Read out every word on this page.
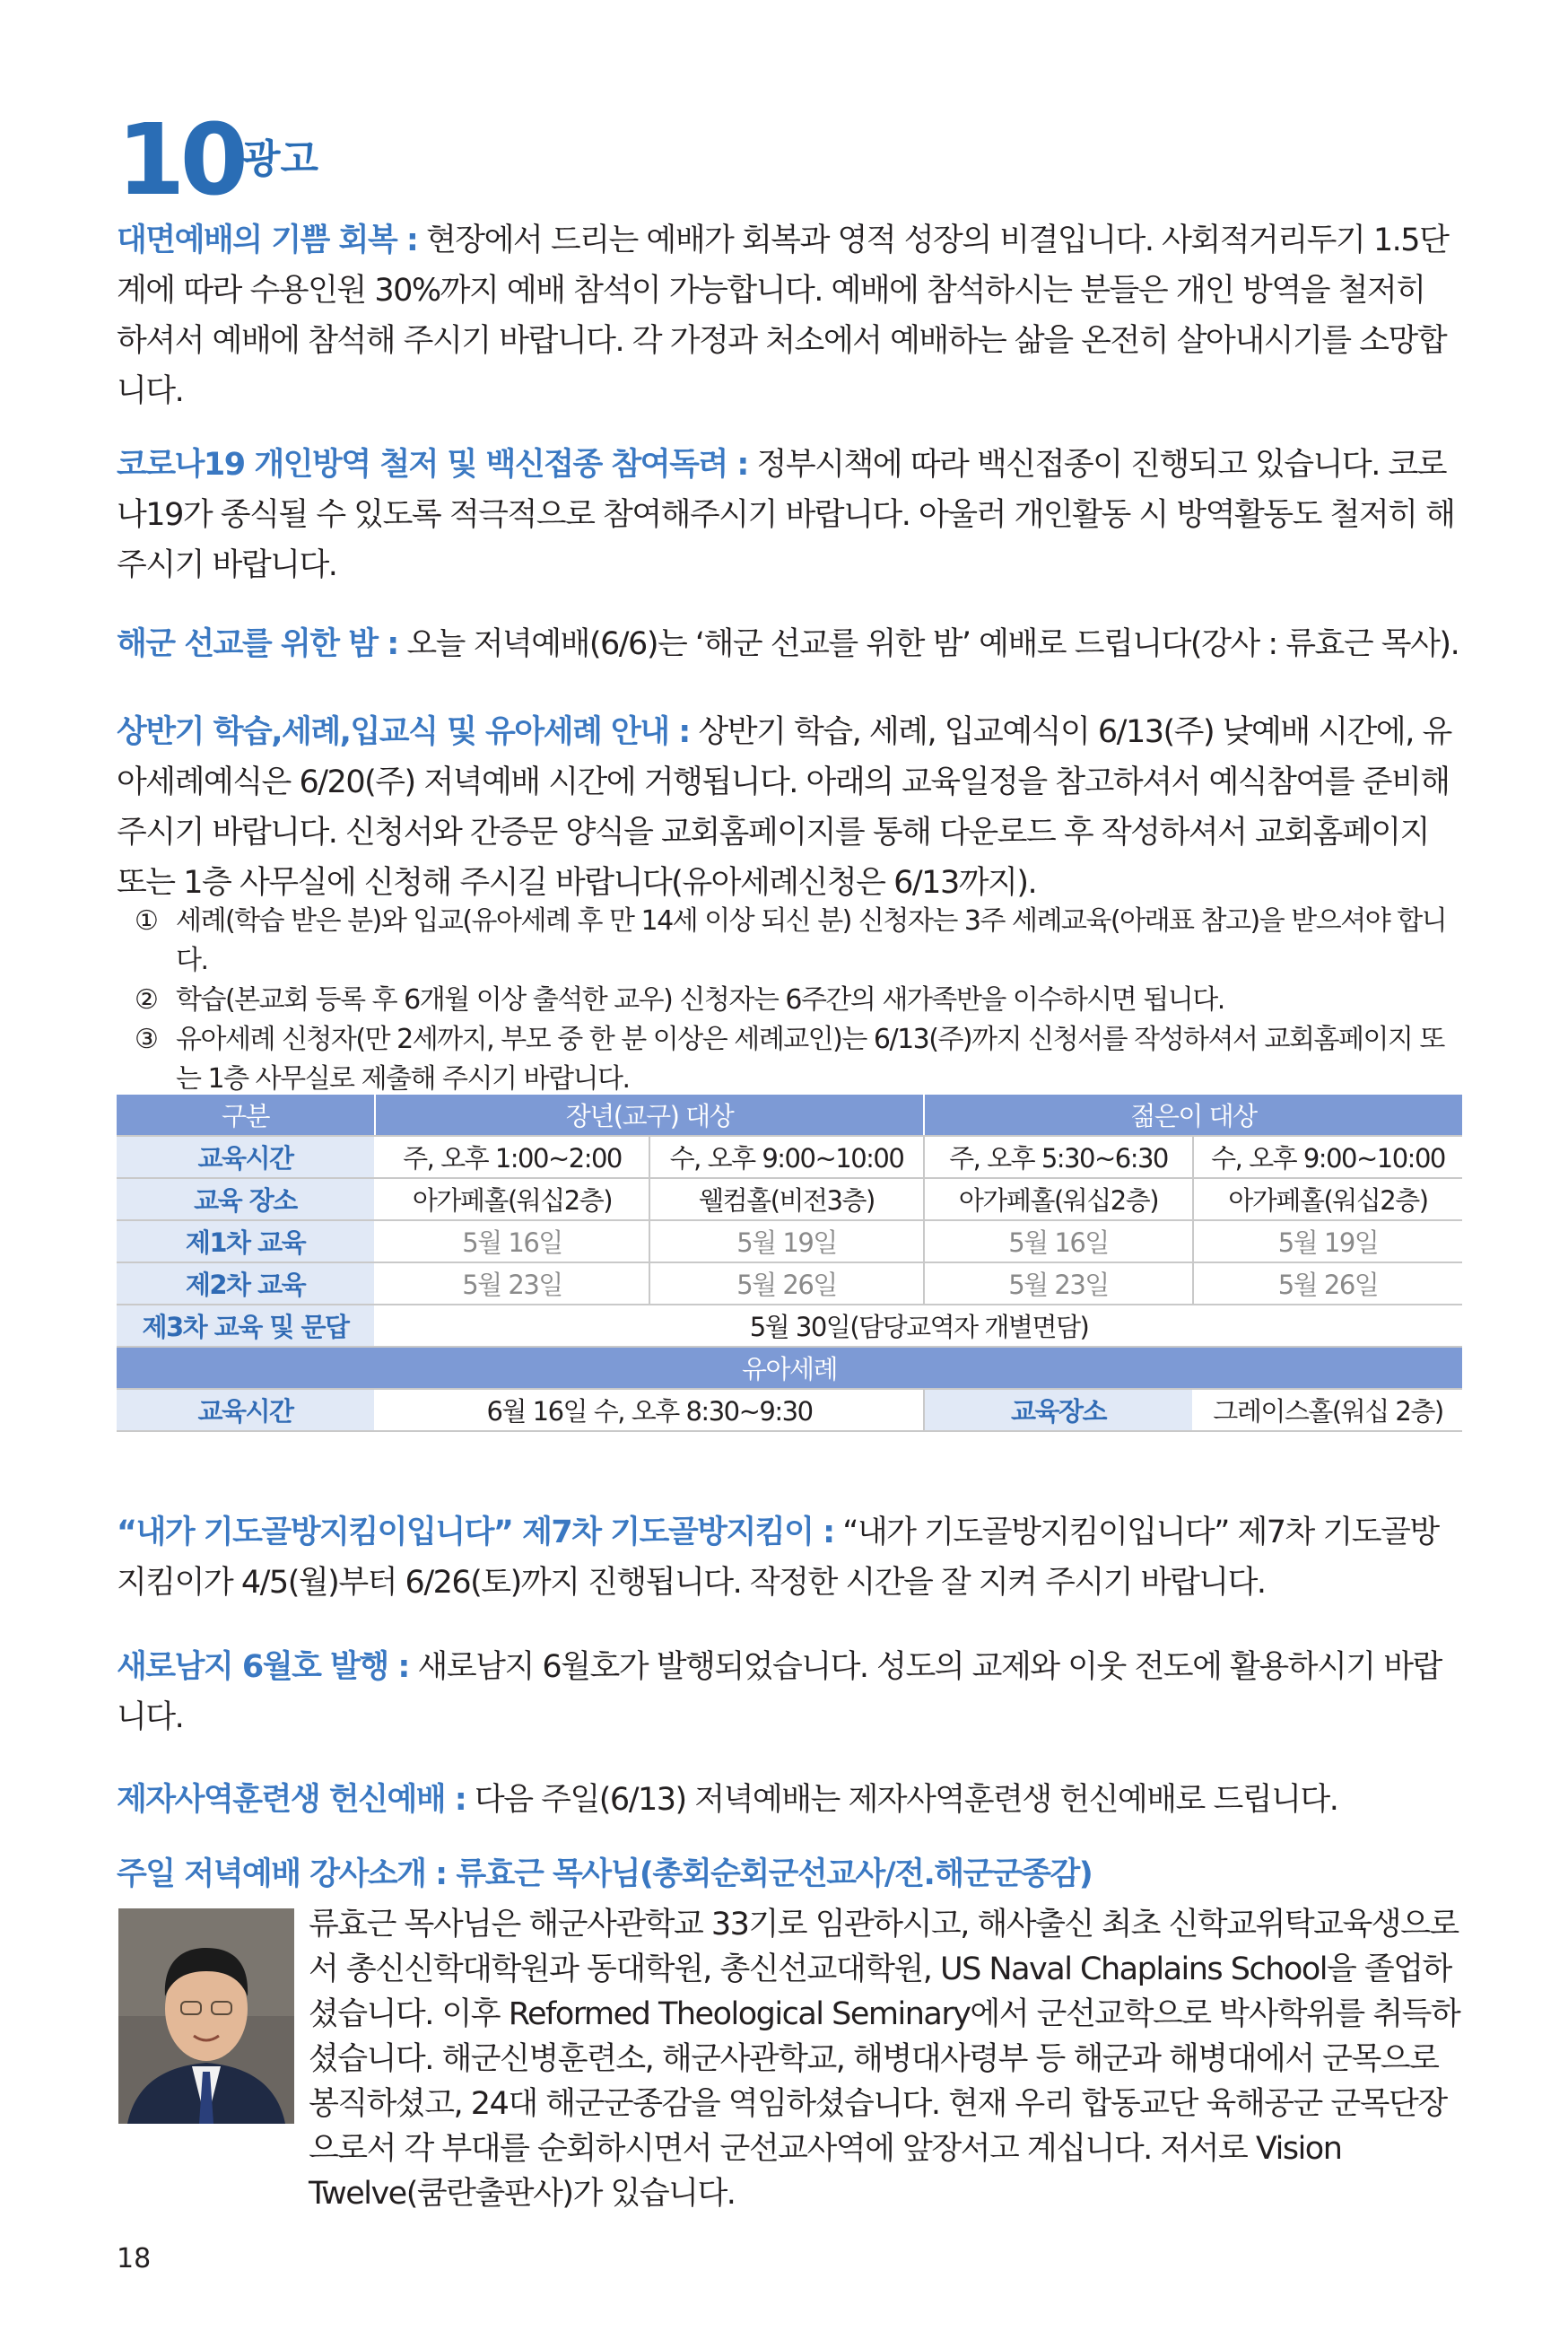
10
광고

대면예배의 기쁨 회복 : 현장에서 드리는 예배가 회복과 영적 성장의 비결입니다. 사회적거리두기 1.5단계에 따라 수용인원 30%까지 예배 참석이 가능합니다. 예배에 참석하시는 분들은 개인 방역을 철저히 하셔서 예배에 참석해 주시기 바랍니다. 각 가정과 처소에서 예배하는 삶을 온전히 살아내시기를 소망합니다.

코로나19 개인방역 철저 및 백신접종 참여독려 : 정부시책에 따라 백신접종이 진행되고 있습니다. 코로나19가 종식될 수 있도록 적극적으로 참여해주시기 바랍니다. 아울러 개인활동 시 방역활동도 철저히 해주시기 바랍니다.

해군 선교를 위한 밤 : 오늘 저녁예배(6/6)는 ‘해군 선교를 위한 밤’ 예배로 드립니다(강사 : 류효근 목사).

상반기 학습,세례,입교식 및 유아세례 안내 : 상반기 학습, 세례, 입교예식이 6/13(주) 낮예배 시간에, 유아세례예식은 6/20(주) 저녁예배 시간에 거행됩니다. 아래의 교육일정을 참고하셔서 예식참여를 준비해 주시기 바랍니다. 신청서와 간증문 양식을 교회홈페이지를 통해 다운로드 후 작성하셔서 교회홈페이지 또는 1층 사무실에 신청해 주시길 바랍니다(유아세례신청은 6/13까지).

① 세례(학습 받은 분)와 입교(유아세례 후 만 14세 이상 되신 분) 신청자는 3주 세례교육(아래표 참고)을 받으셔야 합니다.
② 학습(본교회 등록 후 6개월 이상 출석한 교우) 신청자는 6주간의 새가족반을 이수하시면 됩니다.
③ 유아세례 신청자(만 2세까지, 부모 중 한 분 이상은 세례교인)는 6/13(주)까지 신청서를 작성하셔서 교회홈페이지 또는 1층 사무실로 제출해 주시기 바랍니다.
구분	장년(교구) 대상		젊은이 대상	
교육시간	주, 오후 1:00~2:00	수, 오후 9:00~10:00	주, 오후 5:30~6:30	수, 오후 9:00~10:00
교육 장소	아가페홀(워십2층)	웰컴홀(비전3층)	아가페홀(워십2층)	아가페홀(워십2층)
제1차 교육	5월 16일	5월 19일	5월 16일	5월 19일
제2차 교육	5월 23일	5월 26일	5월 23일	5월 26일
제3차 교육 및 문답	5월 30일(담당교역자 개별면담)			
유아세례				
교육시간	6월 16일 수, 오후 8:30~9:30		교육장소	그레이스홀(워십 2층)

“내가 기도골방지킴이입니다” 제7차 기도골방지킴이 : “내가 기도골방지킴이입니다” 제7차 기도골방지킴이가 4/5(월)부터 6/26(토)까지 진행됩니다. 작정한 시간을 잘 지켜 주시기 바랍니다.

새로남지 6월호 발행 : 새로남지 6월호가 발행되었습니다. 성도의 교제와 이웃 전도에 활용하시기 바랍니다.

제자사역훈련생 헌신예배 : 다음 주일(6/13) 저녁예배는 제자사역훈련생 헌신예배로 드립니다.

주일 저녁예배 강사소개 : 류효근 목사님(총회순회군선교사/전.해군군종감)

류효근 목사님은 해군사관학교 33기로 임관하시고, 해사출신 최초 신학교위탁교육생으로서 총신신학대학원과 동대학원, 총신선교대학원, US Naval Chaplains School을 졸업하셨습니다. 이후 Reformed Theological Seminary에서 군선교학으로 박사학위를 취득하셨습니다. 해군신병훈련소, 해군사관학교, 해병대사령부 등 해군과 해병대에서 군목으로 봉직하셨고, 24대 해군군종감을 역임하셨습니다. 현재 우리 합동교단 육해공군 군목단장으로서 각 부대를 순회하시면서 군선교사역에 앞장서고 계십니다. 저서로 Vision Twelve(쿰란출판사)가 있습니다.

18
